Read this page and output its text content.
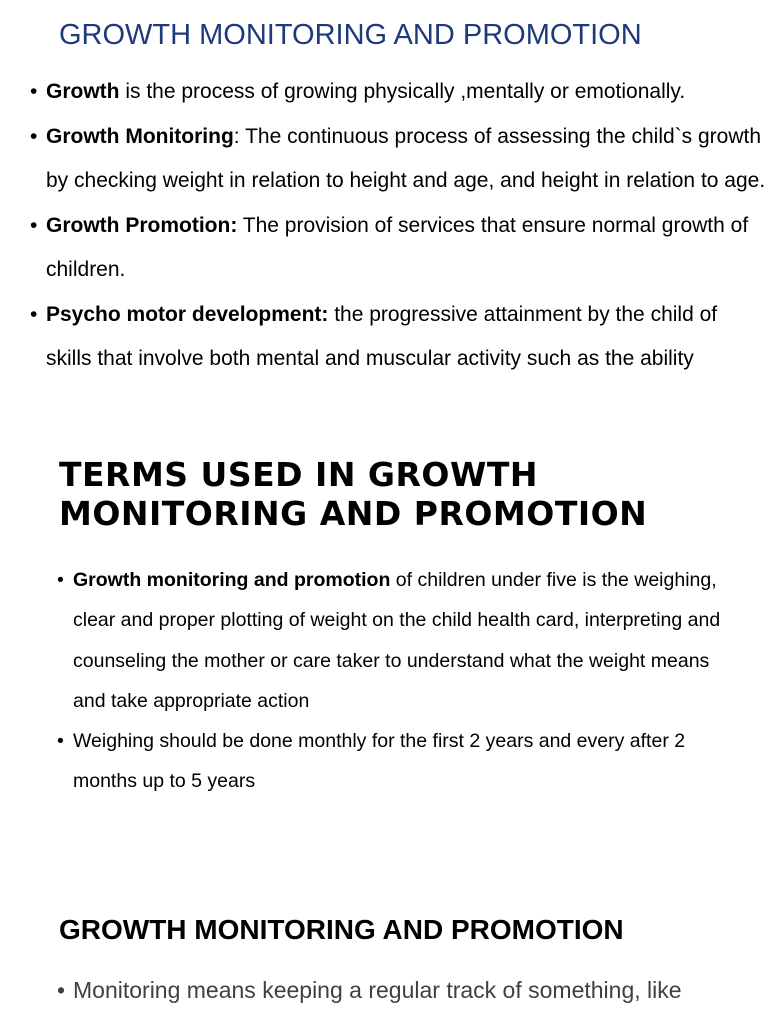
GROWTH MONITORING AND PROMOTION
• Growth is the process of growing physically ,mentally or emotionally.
• Growth Monitoring: The continuous process of assessing the child`s growth by checking weight in relation to height and age, and height in relation to age.
• Growth Promotion: The provision of services that ensure normal growth of children.
• Psycho motor development: the progressive attainment by the child of skills that involve both mental and muscular activity such as the ability
TERMS USED IN GROWTH MONITORING AND PROMOTION
• Growth monitoring and promotion of children under five is the weighing, clear and proper plotting of weight on the child health card, interpreting and counseling the mother or care taker to understand what the weight means and take appropriate action
• Weighing should be done monthly for the first 2 years and every after 2 months up to 5 years
GROWTH MONITORING AND PROMOTION
• Monitoring means keeping a regular track of something, like
